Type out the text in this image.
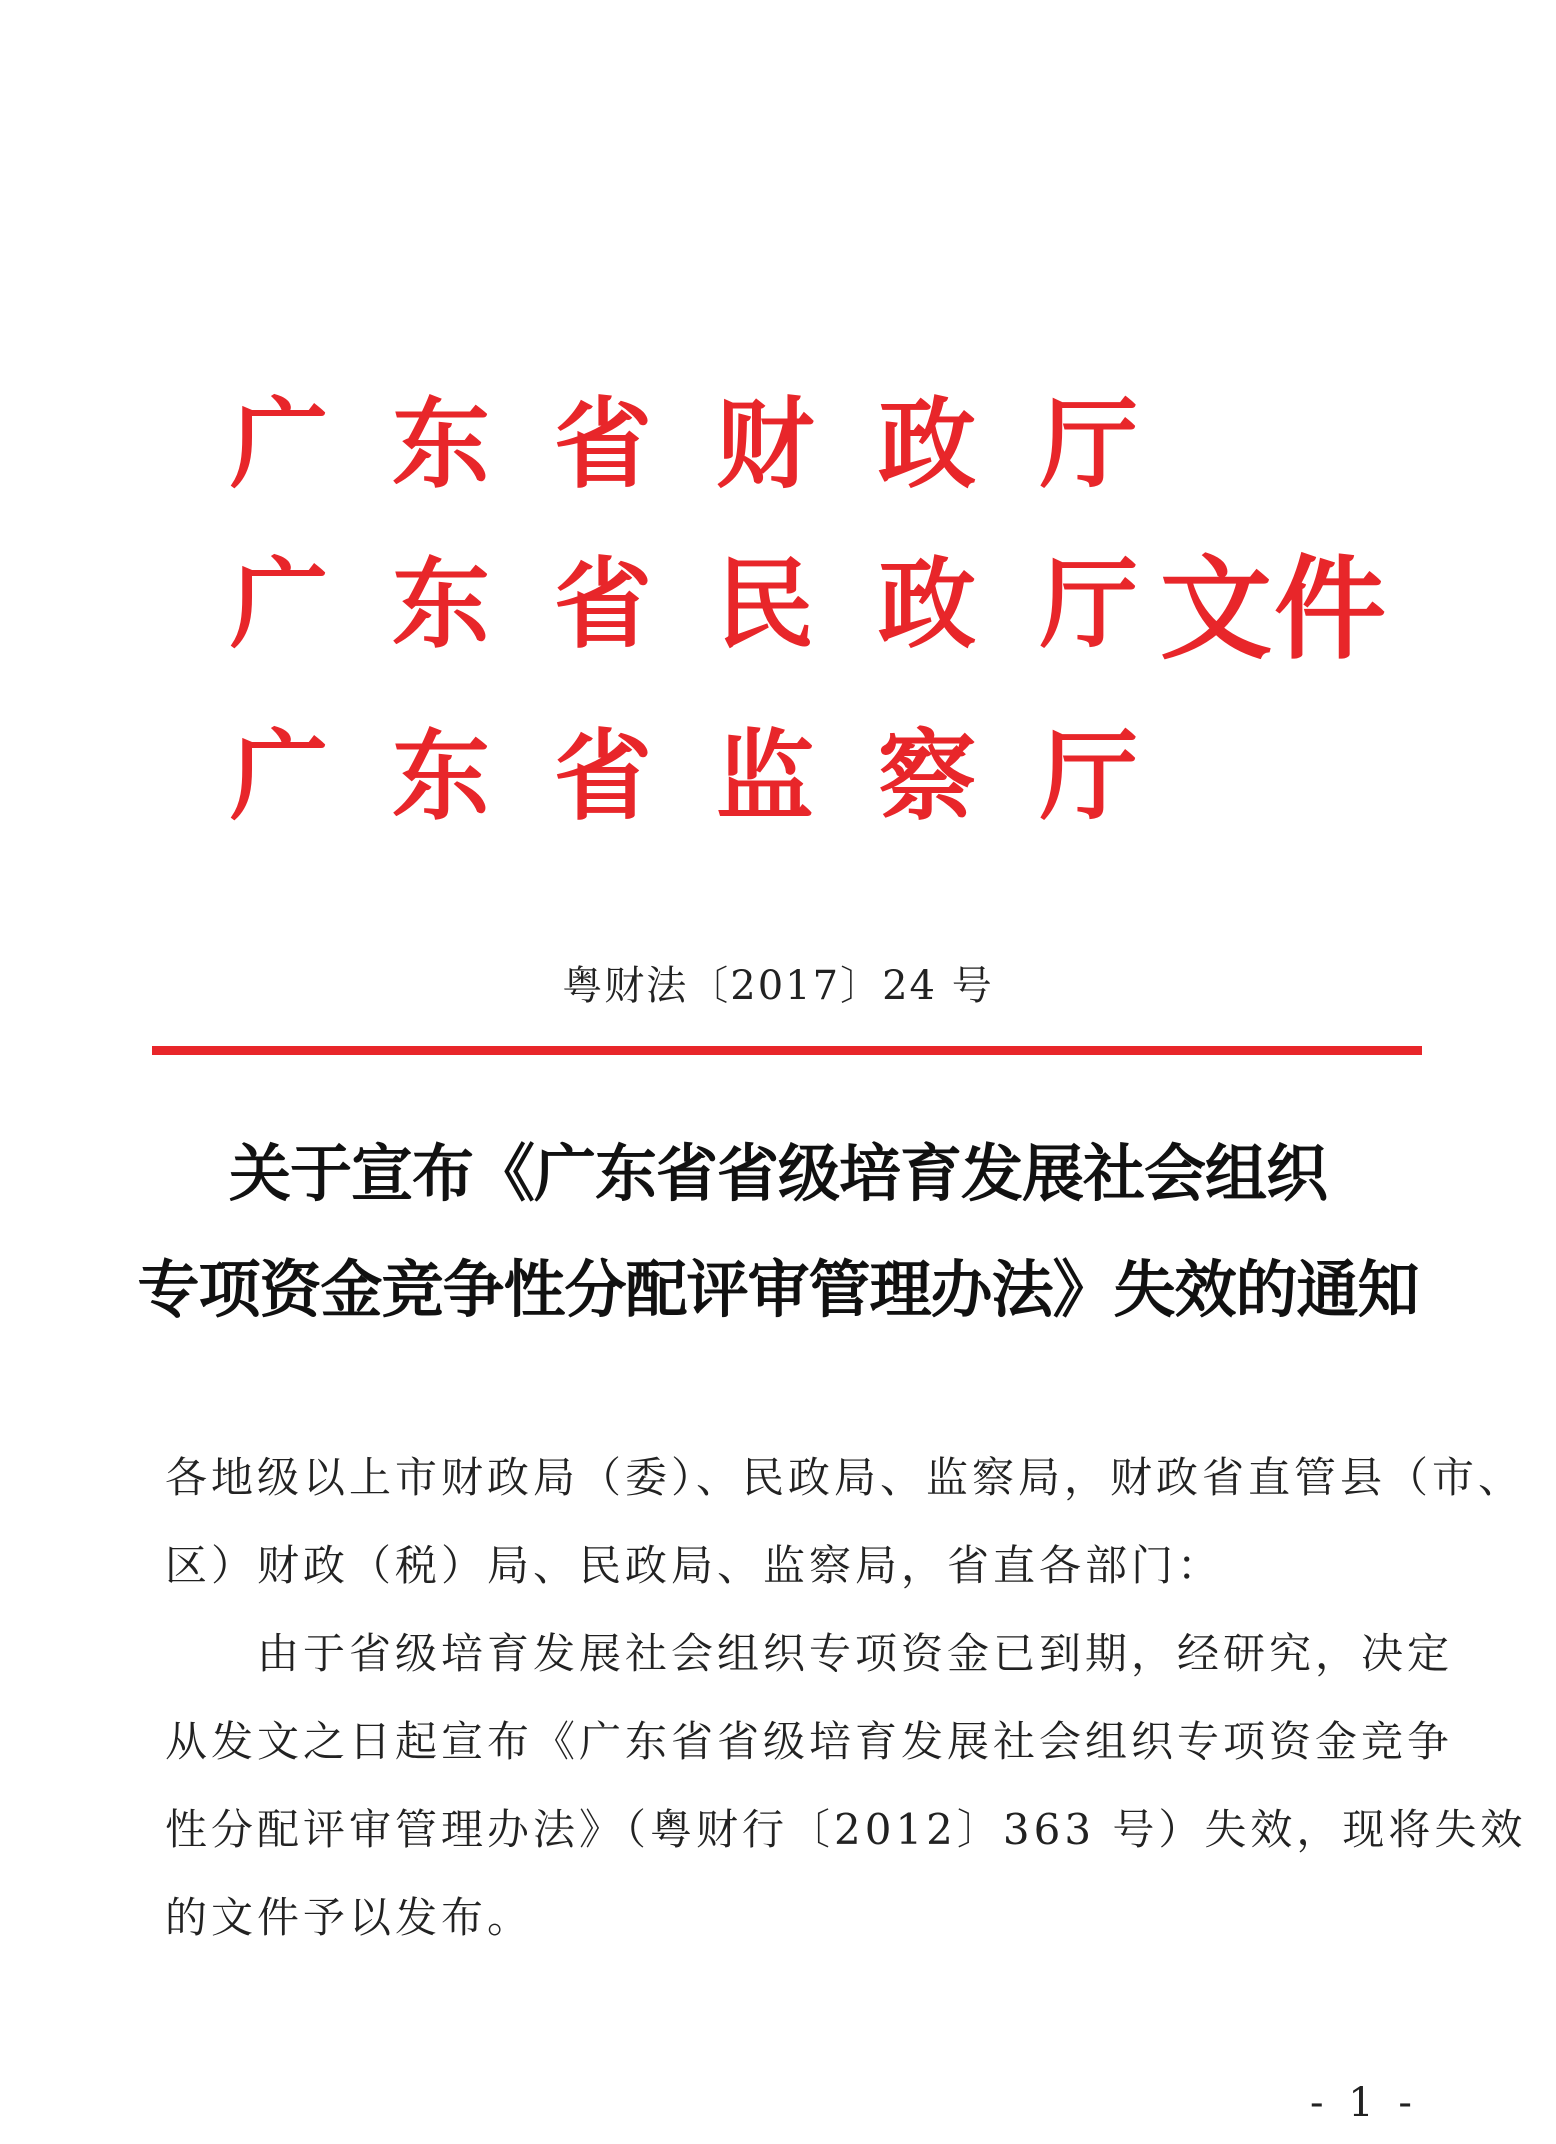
广 东 省 财 政 厅
广 东 省 民 政 厅
广 东 省 监 察 厅
文件
粤财法〔2017〕24 号
关于宣布《广东省省级培育发展社会组织
专项资金竞争性分配评审管理办法》失效的通知
各地级以上市财政局（委）、民政局、监察局，财政省直管县（市、
区）财政（税）局、民政局、监察局，省直各部门：
　　由于省级培育发展社会组织专项资金已到期，经研究，决定
从发文之日起宣布《广东省省级培育发展社会组织专项资金竞争
性分配评审管理办法》（粤财行〔2012〕363 号）失效，现将失效
的文件予以发布。
- 1 -
